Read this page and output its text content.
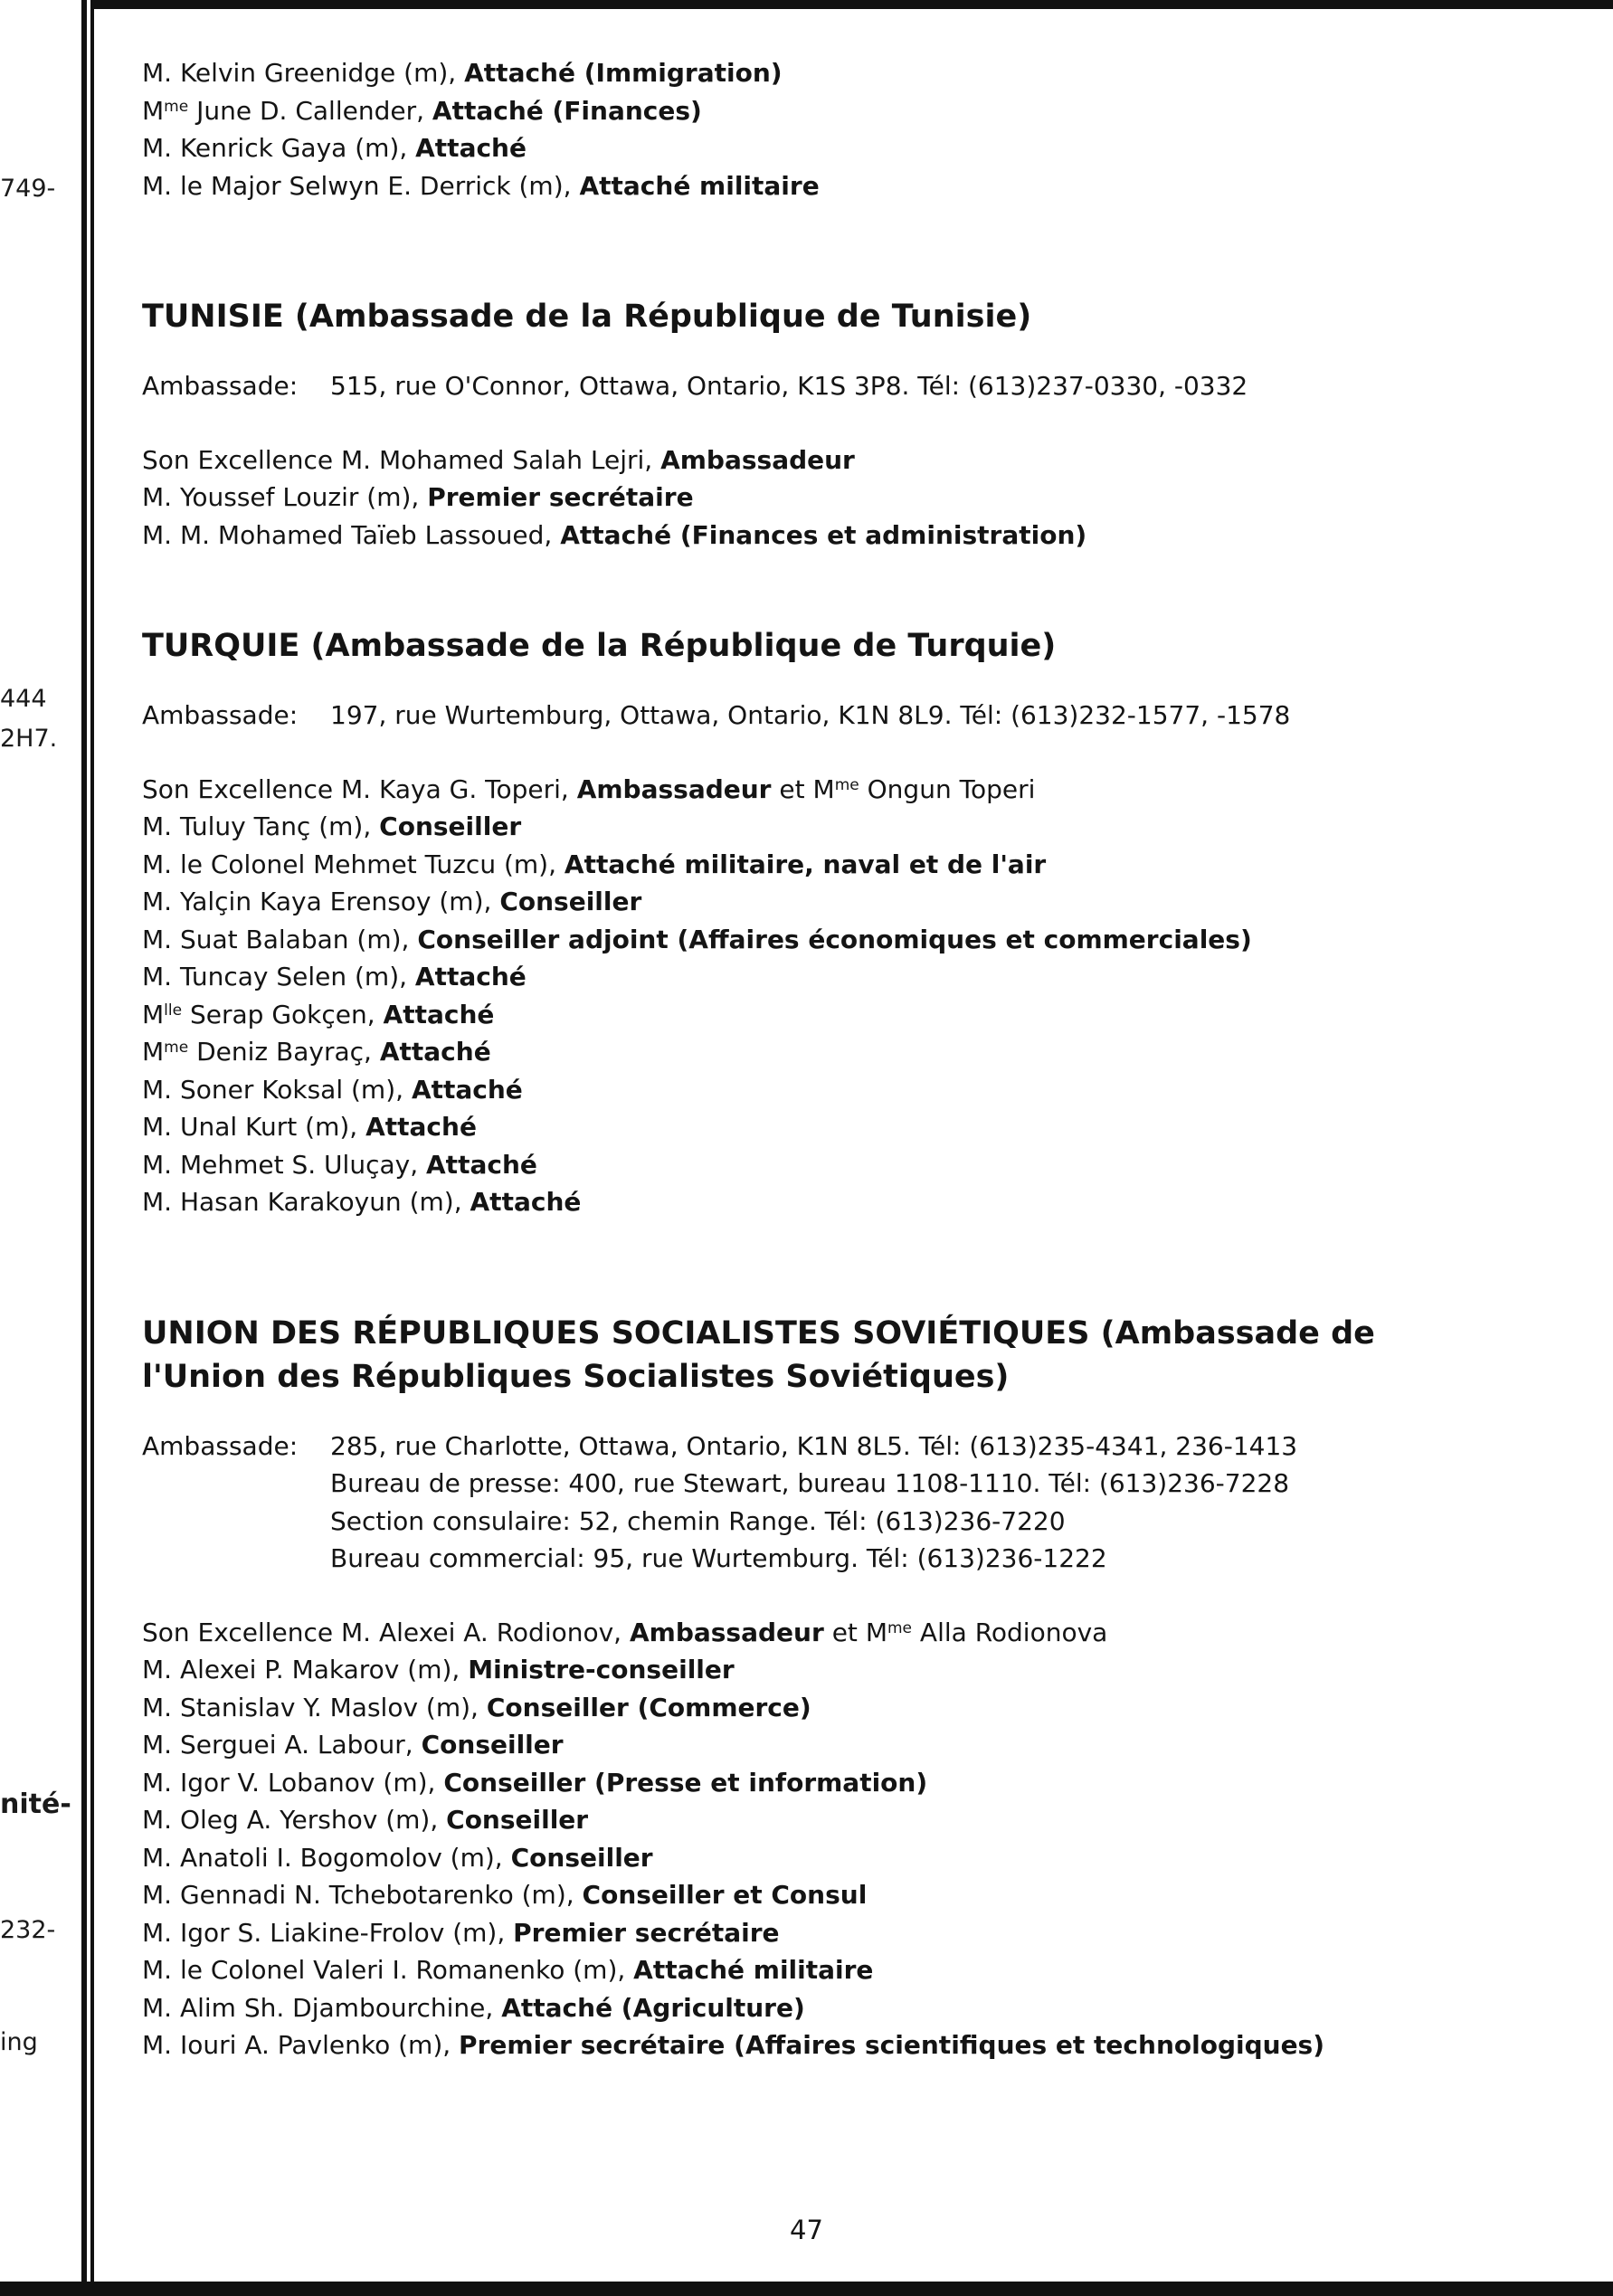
749-
444
2H7.
nité-
232-
ing
M. Kelvin Greenidge (m), Attaché (Immigration)
$M^{me}$ June D. Callender, Attaché (Finances)
M. Kenrick Gaya (m), Attaché
M. le Major Selwyn E. Derrick (m), Attaché militaire
TUNISIE (Ambassade de la République de Tunisie)
Ambassade:	515, rue O'Connor, Ottawa, Ontario, K1S 3P8. Tél: (613)237-0330, -0332
Son Excellence M. Mohamed Salah Lejri, Ambassadeur
M. Youssef Louzir (m), Premier secrétaire
M. M. Mohamed Taïeb Lassoued, Attaché (Finances et administration)
TURQUIE (Ambassade de la République de Turquie)
Ambassade:	197, rue Wurtemburg, Ottawa, Ontario, K1N 8L9. Tél: (613)232-1577, -1578
Son Excellence M. Kaya G. Toperi, Ambassadeur et $M^{me}$ Ongun Toperi
M. Tuluy Tanç (m), Conseiller
M. le Colonel Mehmet Tuzcu (m), Attaché militaire, naval et de l'air
M. Yalçin Kaya Erensoy (m), Conseiller
M. Suat Balaban (m), Conseiller adjoint (Affaires économiques et commerciales)
M. Tuncay Selen (m), Attaché
$M^{lle}$ Serap Gokçen, Attaché
$M^{me}$ Deniz Bayraç, Attaché
M. Soner Koksal (m), Attaché
M. Unal Kurt (m), Attaché
M. Mehmet S. Uluçay, Attaché
M. Hasan Karakoyun (m), Attaché
UNION DES RÉPUBLIQUES SOCIALISTES SOVIÉTIQUES (Ambassade de l'Union des Républiques Socialistes Soviétiques)
Ambassade:	285, rue Charlotte, Ottawa, Ontario, K1N 8L5. Tél: (613)235-4341, 236-1413
Bureau de presse: 400, rue Stewart, bureau 1108-1110. Tél: (613)236-7228
Section consulaire: 52, chemin Range. Tél: (613)236-7220
Bureau commercial: 95, rue Wurtemburg. Tél: (613)236-1222
Son Excellence M. Alexei A. Rodionov, Ambassadeur et $M^{me}$ Alla Rodionova
M. Alexei P. Makarov (m), Ministre-conseiller
M. Stanislav Y. Maslov (m), Conseiller (Commerce)
M. Serguei A. Labour, Conseiller
M. Igor V. Lobanov (m), Conseiller (Presse et information)
M. Oleg A. Yershov (m), Conseiller
M. Anatoli I. Bogomolov (m), Conseiller
M. Gennadi N. Tchebotarenko (m), Conseiller et Consul
M. Igor S. Liakine-Frolov (m), Premier secrétaire
M. le Colonel Valeri I. Romanenko (m), Attaché militaire
M. Alim Sh. Djambourchine, Attaché (Agriculture)
M. Iouri A. Pavlenko (m), Premier secrétaire (Affaires scientifiques et technologiques)
47
